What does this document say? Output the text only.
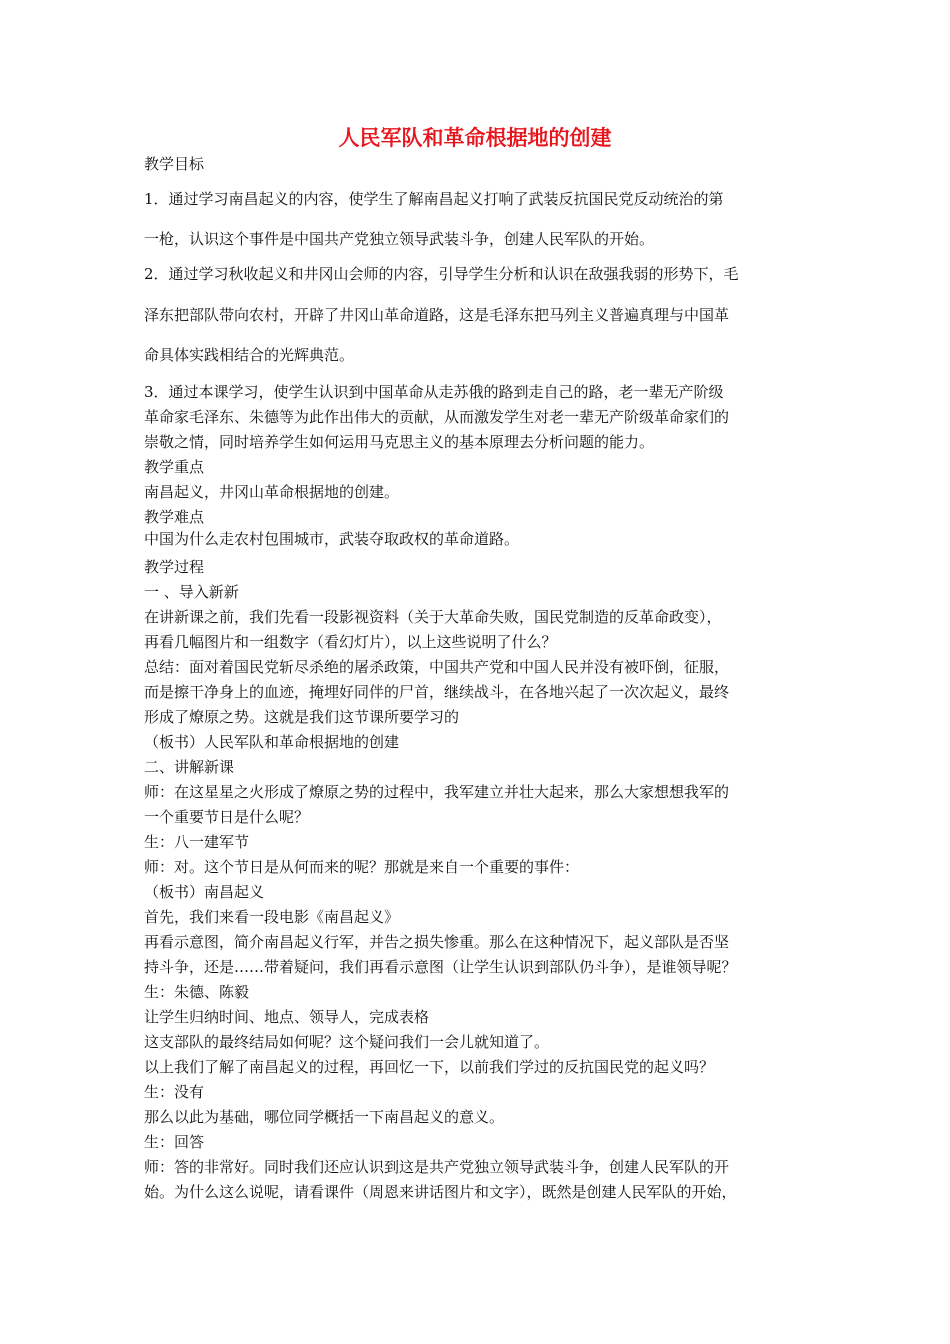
人民军队和革命根据地的创建

教学目标

1．通过学习南昌起义的内容，使学生了解南昌起义打响了武装反抗国民党反动统治的第

一枪，认识这个事件是中国共产党独立领导武装斗争，创建人民军队的开始。

2．通过学习秋收起义和井冈山会师的内容，引导学生分析和认识在敌强我弱的形势下，毛

泽东把部队带向农村，开辟了井冈山革命道路，这是毛泽东把马列主义普遍真理与中国革

命具体实践相结合的光辉典范。

3．通过本课学习，使学生认识到中国革命从走苏俄的路到走自己的路，老一辈无产阶级

革命家毛泽东、朱德等为此作出伟大的贡献，从而激发学生对老一辈无产阶级革命家们的

崇敬之情，同时培养学生如何运用马克思主义的基本原理去分析问题的能力。

教学重点

南昌起义，井冈山革命根据地的创建。

教学难点

中国为什么走农村包围城市，武装夺取政权的革命道路。

教学过程

一 、导入新新

在讲新课之前，我们先看一段影视资料（关于大革命失败，国民党制造的反革命政变），

再看几幅图片和一组数字（看幻灯片），以上这些说明了什么？

总结：面对着国民党斩尽杀绝的屠杀政策，中国共产党和中国人民并没有被吓倒，征服，

而是擦干净身上的血迹，掩埋好同伴的尸首，继续战斗，在各地兴起了一次次起义，最终

形成了燎原之势。这就是我们这节课所要学习的

（板书）人民军队和革命根据地的创建

二、讲解新课

师：在这星星之火形成了燎原之势的过程中，我军建立并壮大起来，那么大家想想我军的

一个重要节日是什么呢？

生：八一建军节

师：对。这个节日是从何而来的呢？那就是来自一个重要的事件：

（板书）南昌起义

首先，我们来看一段电影《南昌起义》

再看示意图，简介南昌起义行军，并告之损失惨重。那么在这种情况下，起义部队是否坚

持斗争，还是……带着疑问，我们再看示意图（让学生认识到部队仍斗争），是谁领导呢？

生：朱德、陈毅

让学生归纳时间、地点、领导人，完成表格

这支部队的最终结局如何呢？这个疑问我们一会儿就知道了。

以上我们了解了南昌起义的过程，再回忆一下，以前我们学过的反抗国民党的起义吗？

生：没有

那么以此为基础，哪位同学概括一下南昌起义的意义。

生：回答

师：答的非常好。同时我们还应认识到这是共产党独立领导武装斗争，创建人民军队的开

始。为什么这么说呢，请看课件（周恩来讲话图片和文字），既然是创建人民军队的开始，
